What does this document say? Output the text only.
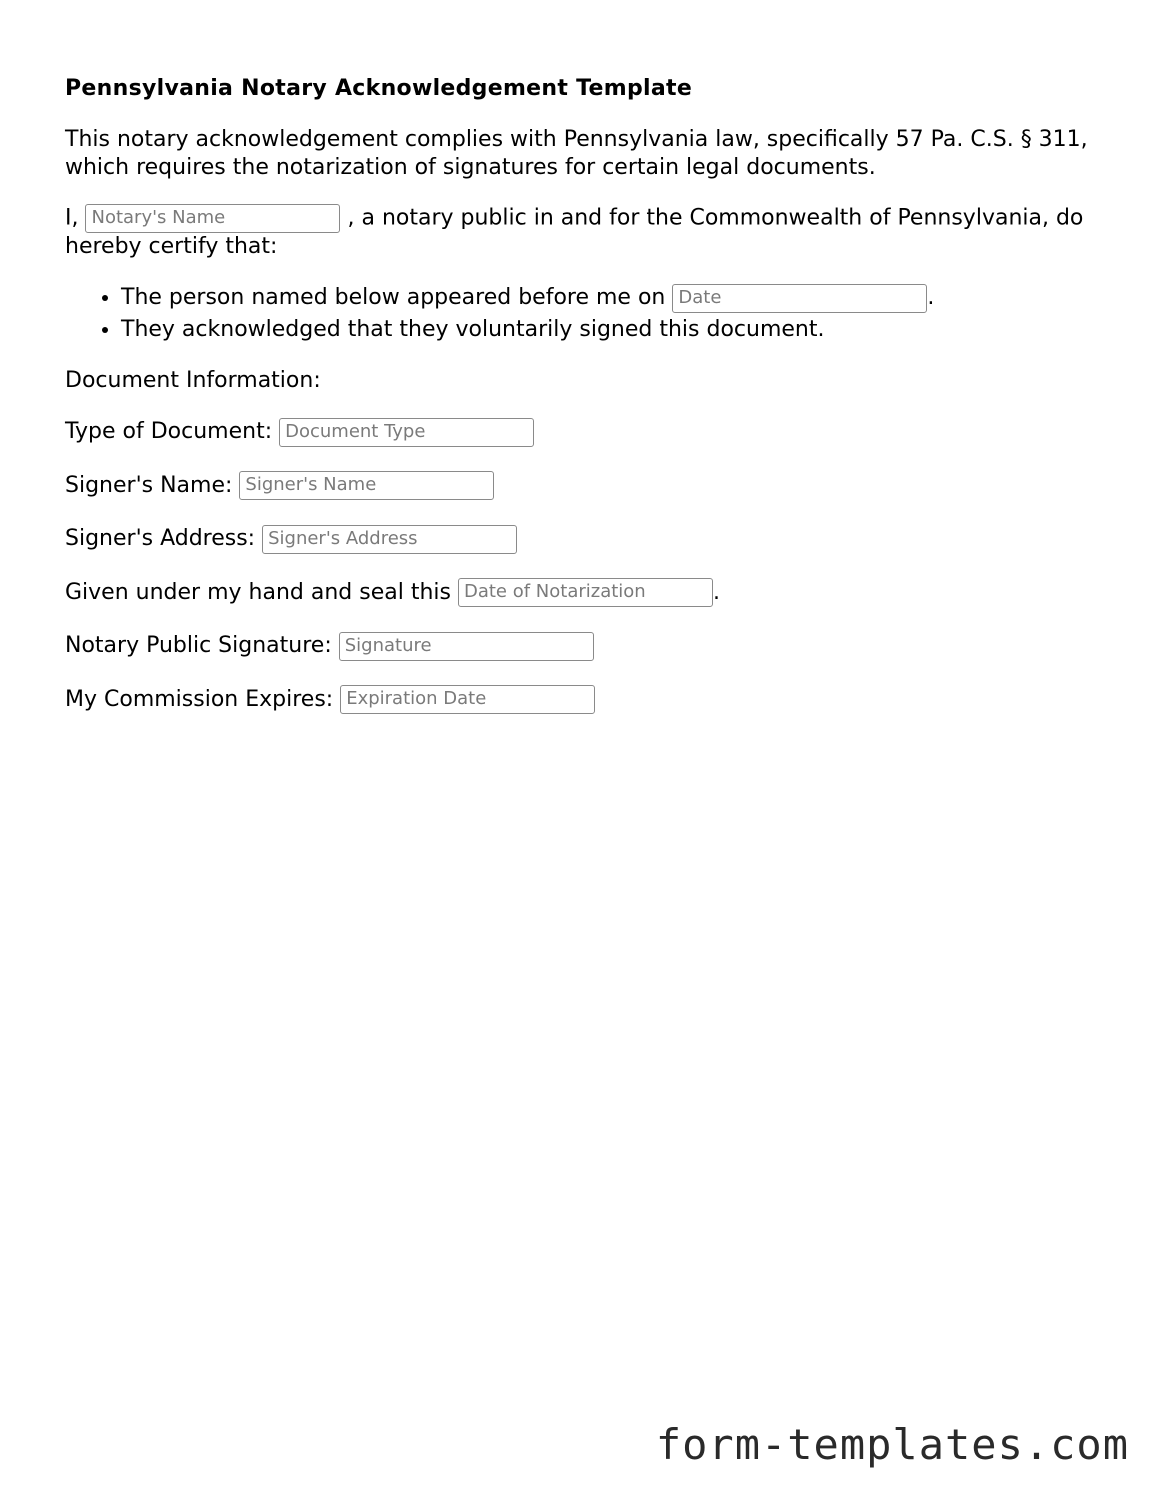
Pennsylvania Notary Acknowledgement Template

This notary acknowledgement complies with Pennsylvania law, specifically 57 Pa. C.S. § 311, which requires the notarization of signatures for certain legal documents.

I, Notary's Name	, a notary public in and for the Commonwealth of Pennsylvania, do hereby certify that:

• The person named below appeared before me on Date	.
• They acknowledged that they voluntarily signed this document.

Document Information:

Type of Document: Document Type
Signer's Name: Signer's Name
Signer's Address: Signer's Address
Given under my hand and seal this Date of Notarization	.
Notary Public Signature: Signature
My Commission Expires: Expiration Date
form-templates.com
